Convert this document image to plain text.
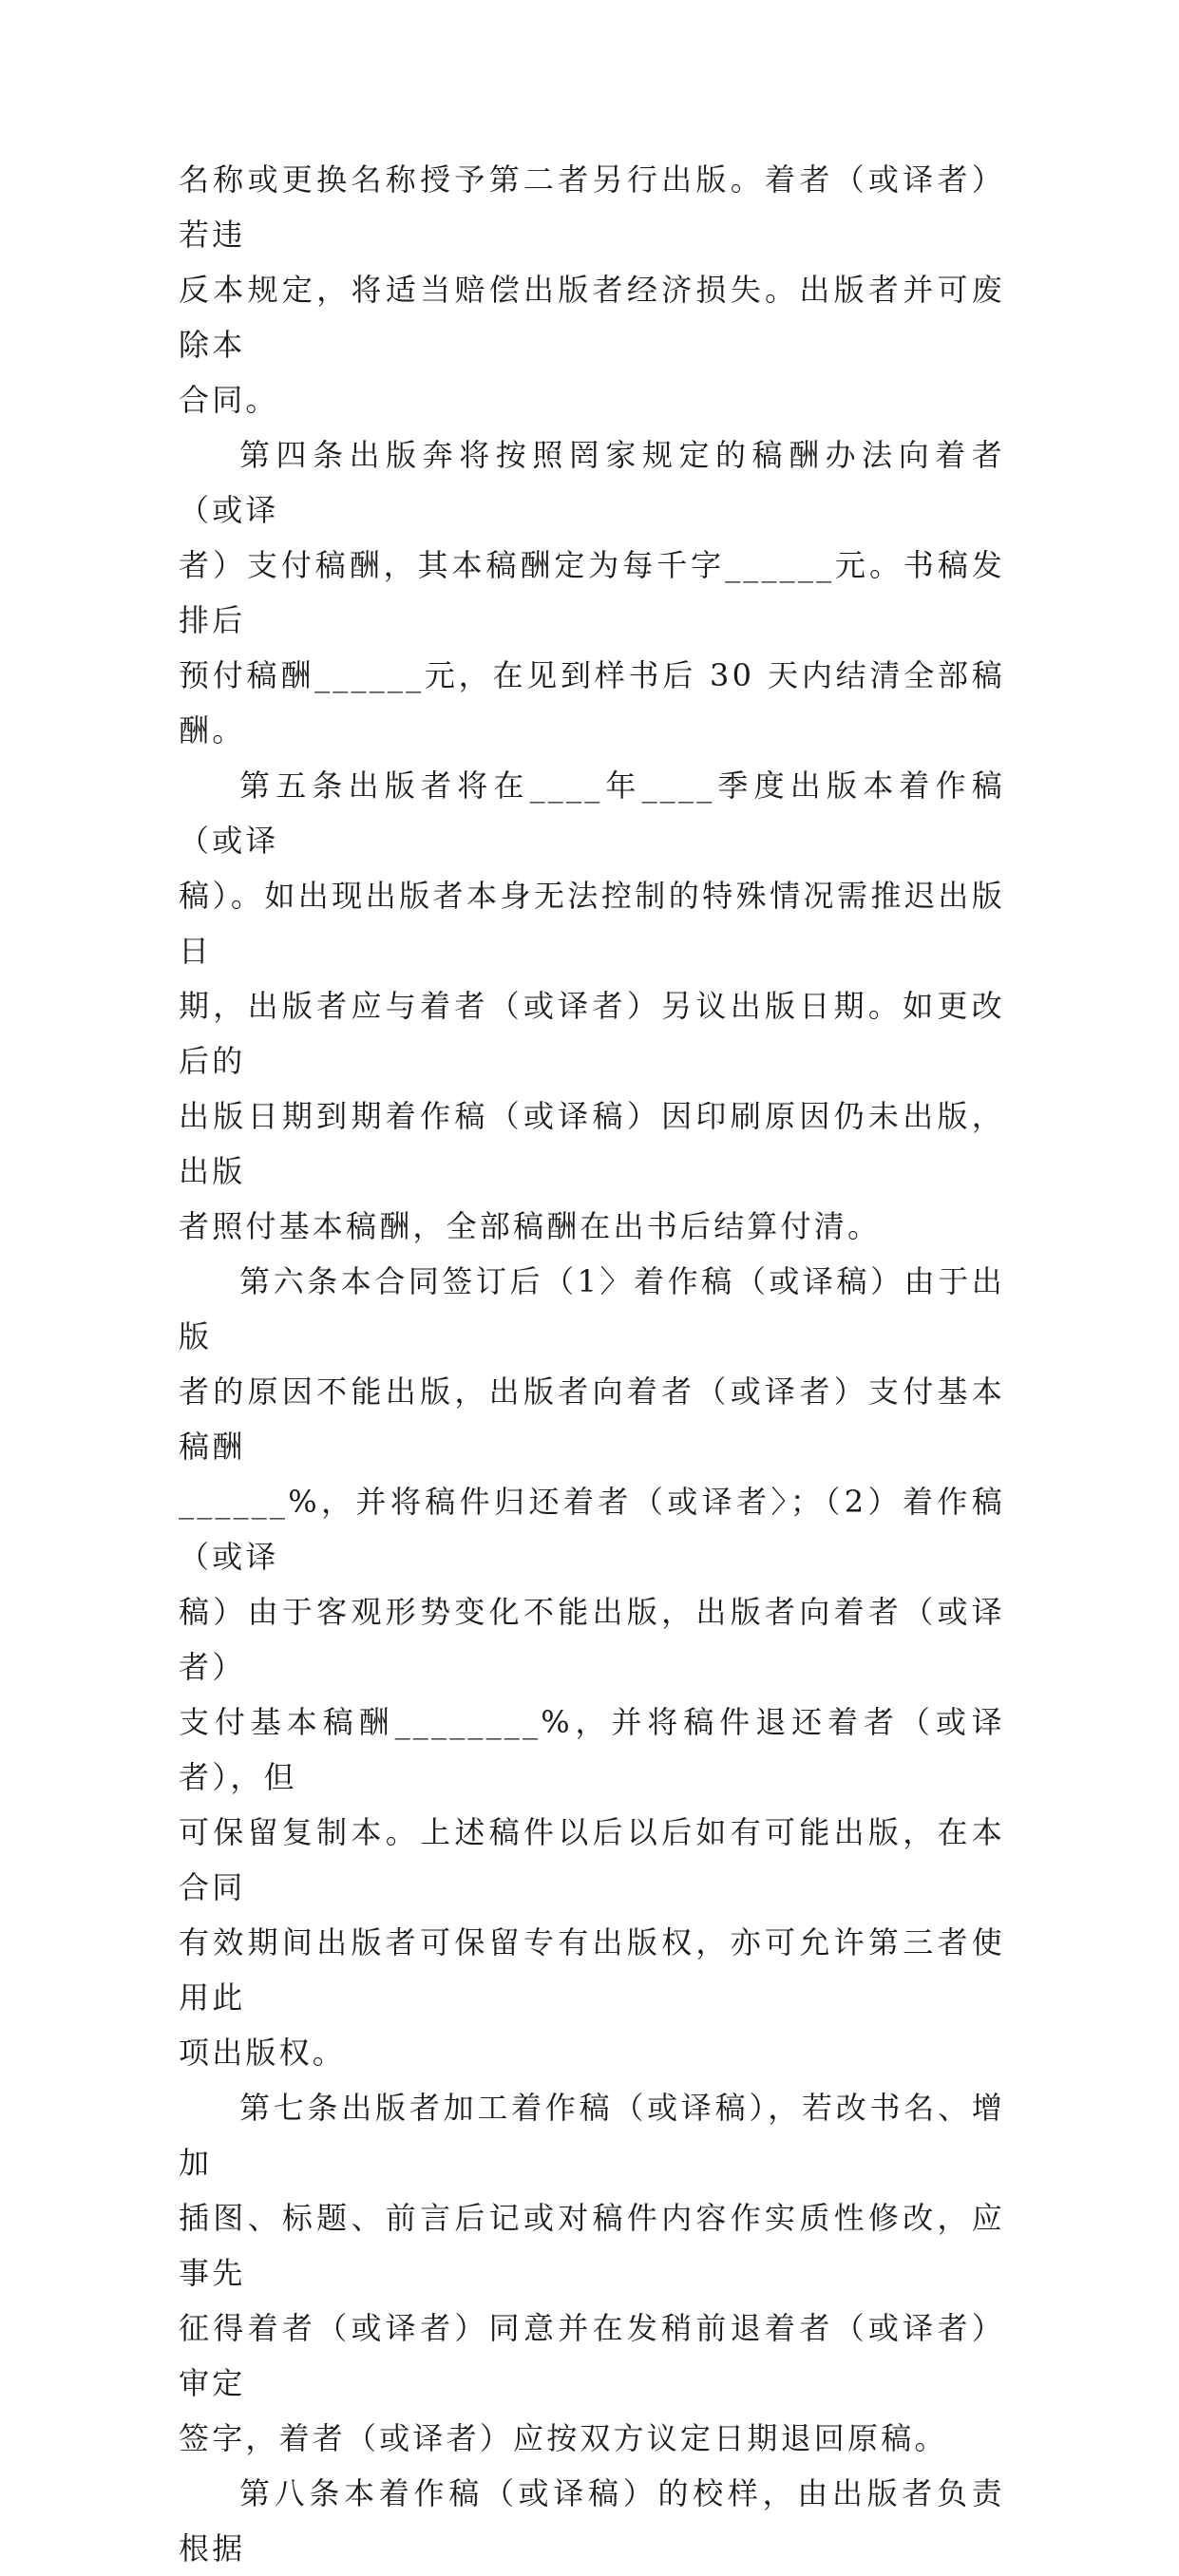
名称或更换名称授予第二者另行出版。着者（或译者）若违
反本规定，将适当赔偿出版者经济损失。出版者并可废除本
合同。

第四条出版奔将按照罔家规定的稿酬办法向着者（或译
者）支付稿酬，其本稿酬定为每千字______元。书稿发排后
预付稿酬______元，在见到样书后 30 天内结清全部稿酬。

第五条出版者将在____年____季度出版本着作稿（或译
稿）。如出现出版者本身无法控制的特殊情况需推迟出版日
期，出版者应与着者（或译者）另议出版日期。如更改后的
出版日期到期着作稿（或译稿）因印刷原因仍未出版，出版
者照付基本稿酬，全部稿酬在出书后结算付清。

第六条本合同签订后（1〉着作稿（或译稿）由于出版
者的原因不能出版，出版者向着者（或译者）支付基本稿酬
______%，并将稿件归还着者（或译者〉；（2）着作稿（或译
稿）由于客观形势变化不能出版，出版者向着者（或译者）
支付基本稿酬________%，并将稿件退还着者（或译者），但
可保留复制本。上述稿件以后以后如有可能出版，在本合同
有效期间出版者可保留专有出版权，亦可允许第三者使用此
项出版权。

第七条出版者加工着作稿（或译稿），若改书名、增加
插图、标题、前言后记或对稿件内容作实质性修改，应事先
征得着者（或译者）同意并在发稍前退着者（或译者）审定
签字，着者（或译者）应按双方议定日期退回原稿。

第八条本着作稿（或译稿）的校样，由出版者负责根据
